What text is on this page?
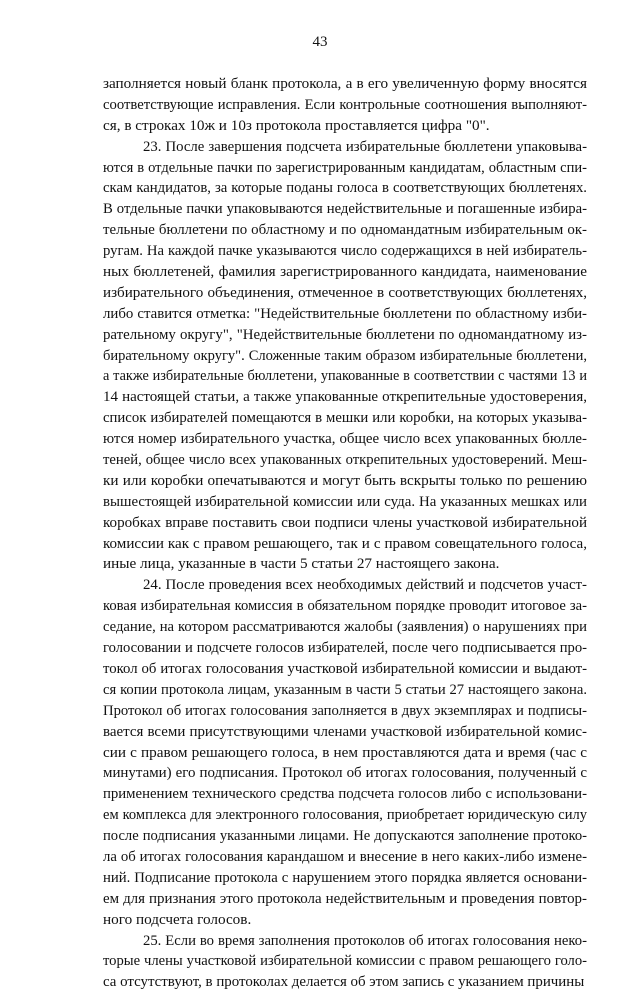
43
заполняется новый бланк протокола, а в его увеличенную форму вносятся
соответствующие исправления. Если контрольные соотношения выполняют-
ся, в строках 10ж и 10з протокола проставляется цифра "0".
23. После завершения подсчета избирательные бюллетени упаковыва-
ются в отдельные пачки по зарегистрированным кандидатам, областным спи-
скам кандидатов, за которые поданы голоса в соответствующих бюллетенях.
В отдельные пачки упаковываются недействительные и погашенные избира-
тельные бюллетени по областному и по одномандатным избирательным ок-
ругам. На каждой пачке указываются число содержащихся в ней избиратель-
ных бюллетеней, фамилия зарегистрированного кандидата, наименование
избирательного объединения, отмеченное в соответствующих бюллетенях,
либо ставится отметка: "Недействительные бюллетени по областному изби-
рательному округу", "Недействительные бюллетени по одномандатному из-
бирательному округу". Сложенные таким образом избирательные бюллетени,
а также избирательные бюллетени, упакованные в соответствии с частями 13 и
14 настоящей статьи, а также упакованные открепительные удостоверения,
список избирателей помещаются в мешки или коробки, на которых указыва-
ются номер избирательного участка, общее число всех упакованных бюлле-
теней, общее число всех упакованных открепительных удостоверений. Меш-
ки или коробки опечатываются и могут быть вскрыты только по решению
вышестоящей избирательной комиссии или суда. На указанных мешках или
коробках вправе поставить свои подписи члены участковой избирательной
комиссии как с правом решающего, так и с правом совещательного голоса,
иные лица, указанные в части 5 статьи 27 настоящего закона.
24. После проведения всех необходимых действий и подсчетов участ-
ковая избирательная комиссия в обязательном порядке проводит итоговое за-
седание, на котором рассматриваются жалобы (заявления) о нарушениях при
голосовании и подсчете голосов избирателей, после чего подписывается про-
токол об итогах голосования участковой избирательной комиссии и выдают-
ся копии протокола лицам, указанным в части 5 статьи 27 настоящего закона.
Протокол об итогах голосования заполняется в двух экземплярах и подписы-
вается всеми присутствующими членами участковой избирательной комис-
сии с правом решающего голоса, в нем проставляются дата и время (час с
минутами) его подписания. Протокол об итогах голосования, полученный с
применением технического средства подсчета голосов либо с использовани-
ем комплекса для электронного голосования, приобретает юридическую силу
после подписания указанными лицами. Не допускаются заполнение протоко-
ла об итогах голосования карандашом и внесение в него каких-либо измене-
ний. Подписание протокола с нарушением этого порядка является основани-
ем для признания этого протокола недействительным и проведения повтор-
ного подсчета голосов.
25. Если во время заполнения протоколов об итогах голосования неко-
торые члены участковой избирательной комиссии с правом решающего голо-
са отсутствуют, в протоколах делается об этом запись с указанием причины
